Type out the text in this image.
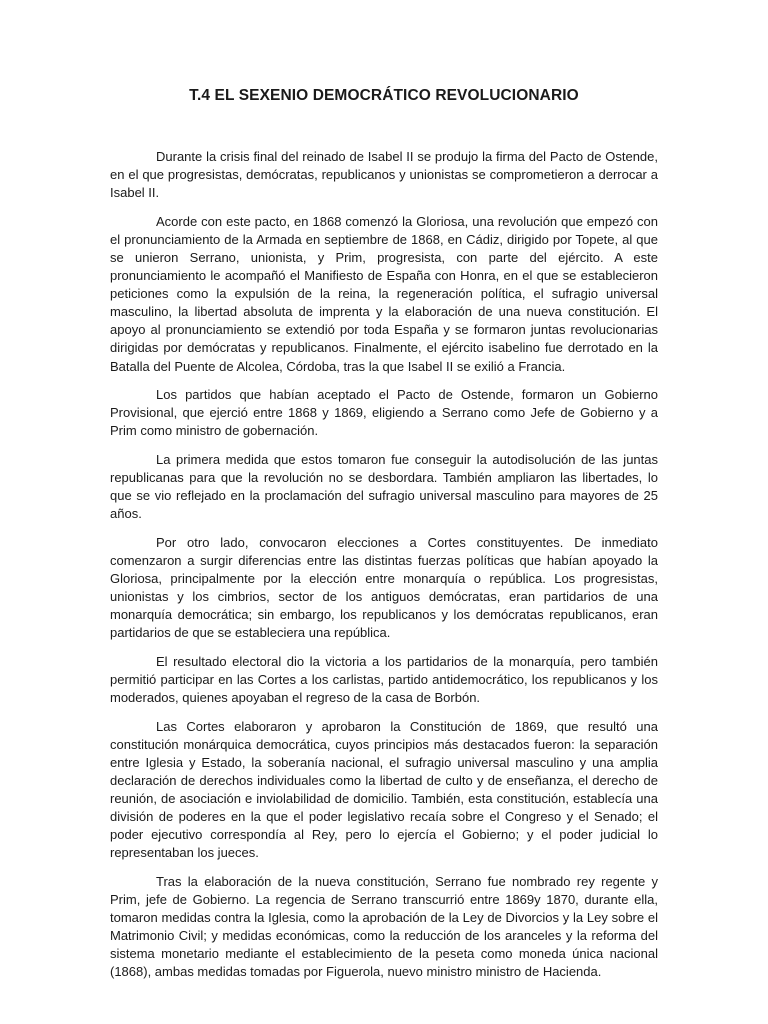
T.4 EL SEXENIO DEMOCRÁTICO REVOLUCIONARIO

Durante la crisis final del reinado de Isabel II se produjo la firma del Pacto de Ostende, en el que progresistas, demócratas, republicanos y unionistas se comprometieron a derrocar a Isabel II.

Acorde con este pacto, en 1868 comenzó la Gloriosa, una revolución que empezó con el pronunciamiento de la Armada en septiembre de 1868, en Cádiz, dirigido por Topete, al que se unieron Serrano, unionista, y Prim, progresista, con parte del ejército. A este pronunciamiento le acompañó el Manifiesto de España con Honra, en el que se establecieron peticiones como la expulsión de la reina, la regeneración política, el sufragio universal masculino, la libertad absoluta de imprenta y la elaboración de una nueva constitución. El apoyo al pronunciamiento se extendió por toda España y se formaron juntas revolucionarias dirigidas por demócratas y republicanos. Finalmente, el ejército isabelino fue derrotado en la Batalla del Puente de Alcolea, Córdoba, tras la que Isabel II se exilió a Francia.

Los partidos que habían aceptado el Pacto de Ostende, formaron un Gobierno Provisional, que ejerció entre 1868 y 1869, eligiendo a Serrano como Jefe de Gobierno y a Prim como ministro de gobernación.

La primera medida que estos tomaron fue conseguir la autodisolución de las juntas republicanas para que la revolución no se desbordara. También ampliaron las libertades, lo que se vio reflejado en la proclamación del sufragio universal masculino para mayores de 25 años.

Por otro lado, convocaron elecciones a Cortes constituyentes. De inmediato comenzaron a surgir diferencias entre las distintas fuerzas políticas que habían apoyado la Gloriosa, principalmente por la elección entre monarquía o república. Los progresistas, unionistas y los cimbrios, sector de los antiguos demócratas, eran partidarios de una monarquía democrática; sin embargo, los republicanos y los demócratas republicanos, eran partidarios de que se estableciera una república.

El resultado electoral dio la victoria a los partidarios de la monarquía, pero también permitió participar en las Cortes a los carlistas, partido antidemocrático, los republicanos y los moderados, quienes apoyaban el regreso de la casa de Borbón.

Las Cortes elaboraron y aprobaron la Constitución de 1869, que resultó una constitución monárquica democrática, cuyos principios más destacados fueron: la separación entre Iglesia y Estado, la soberanía nacional, el sufragio universal masculino y una amplia declaración de derechos individuales como la libertad de culto y de enseñanza, el derecho de reunión, de asociación e inviolabilidad de domicilio. También, esta constitución, establecía una división de poderes en la que el poder legislativo recaía sobre el Congreso y el Senado; el poder ejecutivo correspondía al Rey, pero lo ejercía el Gobierno; y el poder judicial lo representaban los jueces.

Tras la elaboración de la nueva constitución, Serrano fue nombrado rey regente y Prim, jefe de Gobierno. La regencia de Serrano transcurrió entre 1869y 1870, durante ella, tomaron medidas contra la Iglesia, como la aprobación de la Ley de Divorcios y la Ley sobre el Matrimonio Civil; y medidas económicas, como la reducción de los aranceles y la reforma del sistema monetario mediante el establecimiento de la peseta como moneda única nacional (1868), ambas medidas tomadas por Figuerola, nuevo ministro ministro de Hacienda.
